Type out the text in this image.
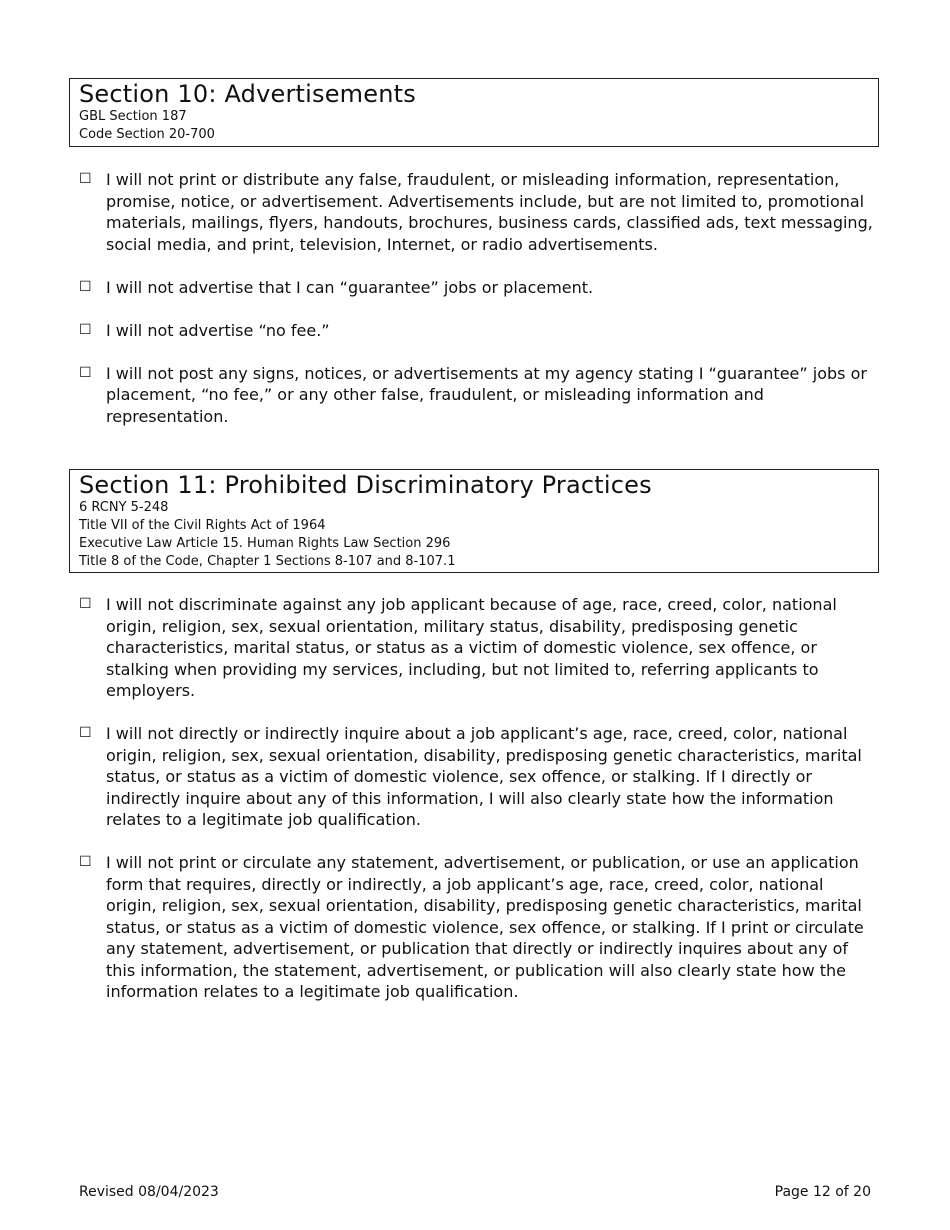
Section 10: Advertisements
GBL Section 187
Code Section 20-700
☐ I will not print or distribute any false, fraudulent, or misleading information, representation, promise, notice, or advertisement. Advertisements include, but are not limited to, promotional materials, mailings, flyers, handouts, brochures, business cards, classified ads, text messaging, social media, and print, television, Internet, or radio advertisements.
☐ I will not advertise that I can “guarantee” jobs or placement.
☐ I will not advertise “no fee.”
☐ I will not post any signs, notices, or advertisements at my agency stating I “guarantee” jobs or placement, “no fee,” or any other false, fraudulent, or misleading information and representation.
Section 11: Prohibited Discriminatory Practices
6 RCNY 5-248
Title VII of the Civil Rights Act of 1964
Executive Law Article 15. Human Rights Law Section 296
Title 8 of the Code, Chapter 1 Sections 8-107 and 8-107.1
☐ I will not discriminate against any job applicant because of age, race, creed, color, national origin, religion, sex, sexual orientation, military status, disability, predisposing genetic characteristics, marital status, or status as a victim of domestic violence, sex offence, or stalking when providing my services, including, but not limited to, referring applicants to employers.
☐ I will not directly or indirectly inquire about a job applicant’s age, race, creed, color, national origin, religion, sex, sexual orientation, disability, predisposing genetic characteristics, marital status, or status as a victim of domestic violence, sex offence, or stalking. If I directly or indirectly inquire about any of this information, I will also clearly state how the information relates to a legitimate job qualification.
☐ I will not print or circulate any statement, advertisement, or publication, or use an application form that requires, directly or indirectly, a job applicant’s age, race, creed, color, national origin, religion, sex, sexual orientation, disability, predisposing genetic characteristics, marital status, or status as a victim of domestic violence, sex offence, or stalking. If I print or circulate any statement, advertisement, or publication that directly or indirectly inquires about any of this information, the statement, advertisement, or publication will also clearly state how the information relates to a legitimate job qualification.
Revised 08/04/2023	Page 12 of 20
